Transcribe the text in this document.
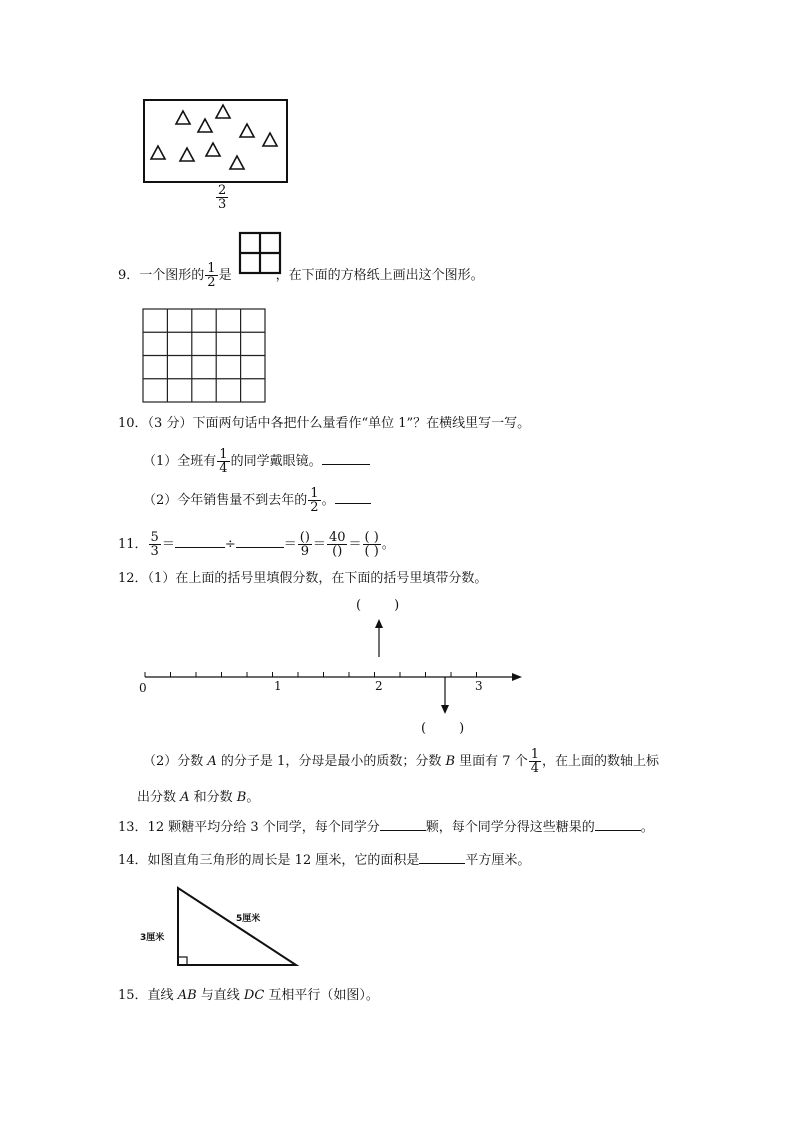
$\frac{2}{3}$
9．一个图形的 $\frac{1}{2}$ 是	，在下面的方格纸上画出这个图形。
10．（3 分）下面两句话中各把什么量看作“单位 1”？在横线里写一写。
（1）全班有 $\frac{1}{4}$ 的同学戴眼镜。
（2）今年销售量不到去年的 $\frac{1}{2}$ 。
11． $\frac{5}{3}$ ＝	÷	＝ $\frac{()}{9} = \frac{40}{()} = \frac{( )}{( )}$ 。
12．（1）在上面的括号里填假分数，在下面的括号里填带分数。
(        )
(        )
0	1	2	3
（2）分数 A 的分子是 1，分母是最小的质数；分数 B 里面有 7 个 $\frac{1}{4}$ ，在上面的数轴上标
出分数 A 和分数 B。
13．12 颗糖平均分给 3 个同学，每个同学分	颗，每个同学分得这些糖果的	。
14．如图直角三角形的周长是 12 厘米，它的面积是	平方厘米。
3厘米
5厘米
15．直线 AB 与直线 DC 互相平行（如图）。
